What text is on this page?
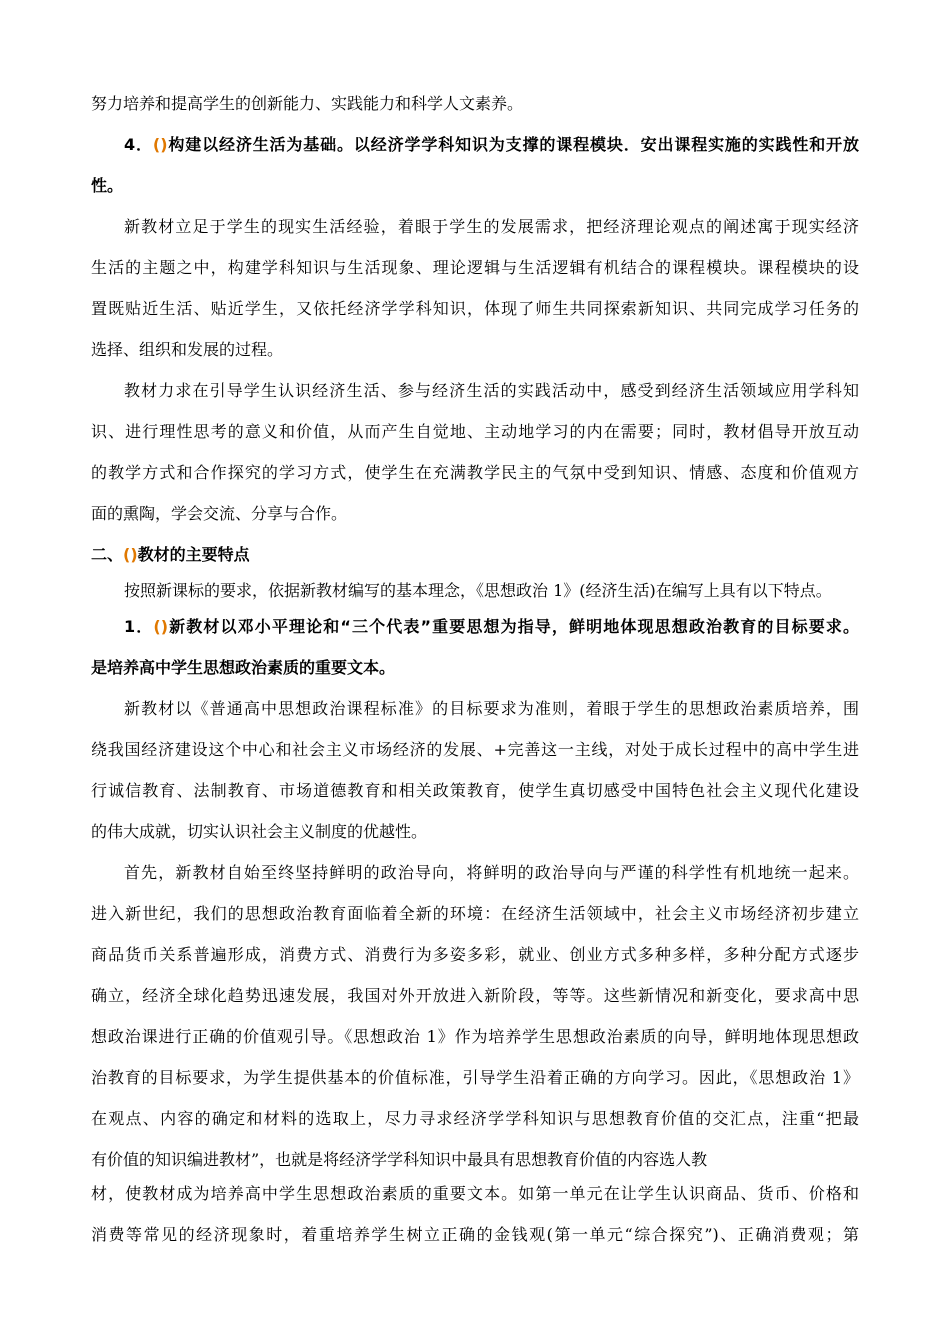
努力培养和提高学生的创新能力、实践能力和科学人文素养。
4．()构建以经济生活为基础。以经济学学科知识为支撑的课程模块．安出课程实施的实践性和开放
性。
新教材立足于学生的现实生活经验，着眼于学生的发展需求，把经济理论观点的阐述寓于现实经济
生活的主题之中，构建学科知识与生活现象、理论逻辑与生活逻辑有机结合的课程模块。课程模块的设
置既贴近生活、贴近学生，又依托经济学学科知识，体现了师生共同探索新知识、共同完成学习任务的
选择、组织和发展的过程。
教材力求在引导学生认识经济生活、参与经济生活的实践活动中，感受到经济生活领域应用学科知
识、进行理性思考的意义和价值，从而产生自觉地、主动地学习的内在需要；同时，教材倡导开放互动
的教学方式和合作探究的学习方式，使学生在充满教学民主的气氛中受到知识、情感、态度和价值观方
面的熏陶，学会交流、分享与合作。
二、()教材的主要特点
按照新课标的要求，依据新教材编写的基本理念，《思想政治 1》(经济生活)在编写上具有以下特点。
1．()新教材以邓小平理论和“三个代表”重要思想为指导，鲜明地体现思想政治教育的目标要求。
是培养高中学生思想政治素质的重要文本。
新教材以《普通高中思想政治课程标准》的目标要求为准则，着眼于学生的思想政治素质培养，围
绕我国经济建设这个中心和社会主义市场经济的发展、+完善这一主线，对处于成长过程中的高中学生进
行诚信教育、法制教育、市场道德教育和相关政策教育，使学生真切感受中国特色社会主义现代化建设
的伟大成就，切实认识社会主义制度的优越性。
首先，新教材自始至终坚持鲜明的政治导向，将鲜明的政治导向与严谨的科学性有机地统一起来。
进入新世纪，我们的思想政治教育面临着全新的环境：在经济生活领域中，社会主义市场经济初步建立
商品货币关系普遍形成，消费方式、消费行为多姿多彩，就业、创业方式多种多样，多种分配方式逐步
确立，经济全球化趋势迅速发展，我国对外开放进入新阶段，等等。这些新情况和新变化，要求高中思
想政治课进行正确的价值观引导。《思想政治 1》作为培养学生思想政治素质的向导，鲜明地体现思想政
治教育的目标要求，为学生提供基本的价值标准，引导学生沿着正确的方向学习。因此，《思想政治 1》
在观点、内容的确定和材料的选取上，尽力寻求经济学学科知识与思想教育价值的交汇点，注重“把最
有价值的知识编进教材”，也就是将经济学学科知识中最具有思想教育价值的内容选人教
材，使教材成为培养高中学生思想政治素质的重要文本。如第一单元在让学生认识商品、货币、价格和
消费等常见的经济现象时，着重培养学生树立正确的金钱观(第一单元“综合探究”)、正确消费观；第
